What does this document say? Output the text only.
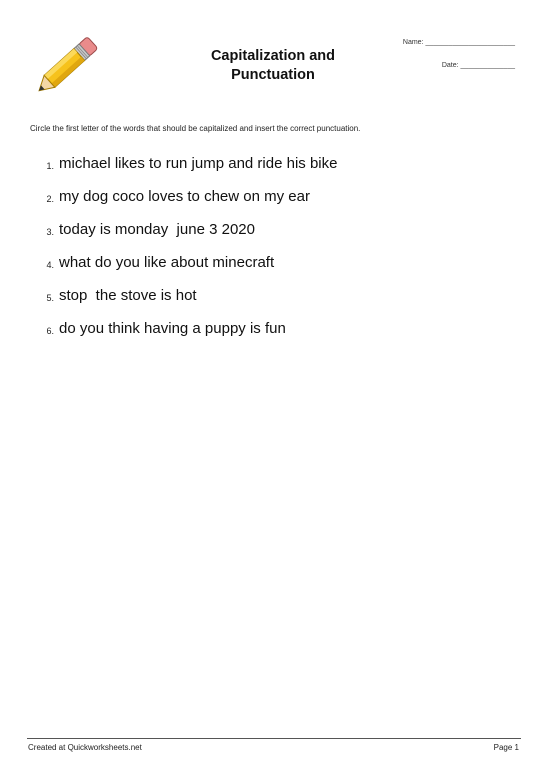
Capitalization and
Punctuation
Name: _______________________
Date: ______________
Circle the first letter of the words that should be capitalized and insert the correct punctuation.
1. michael likes to run jump and ride his bike
2. my dog coco loves to chew on my ear
3. today is monday  june 3 2020
4. what do you like about minecraft
5. stop  the stove is hot
6. do you think having a puppy is fun
Created at Quickworksheets.net	Page 1
